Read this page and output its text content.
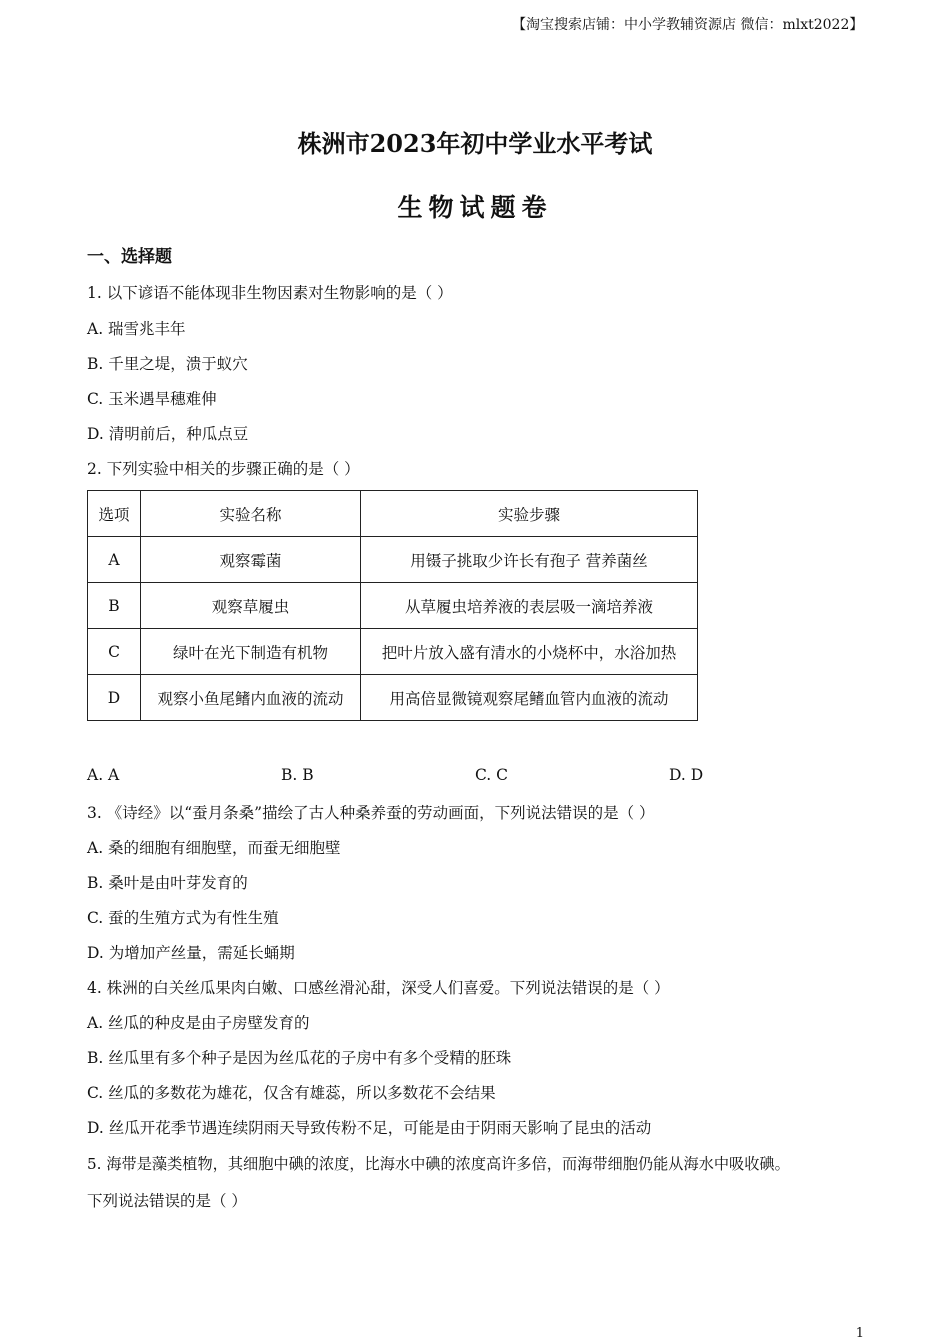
【淘宝搜索店铺：中小学教辅资源店 微信：mlxt2022】
株洲市2023年初中学业水平考试
生物试题卷
一、选择题
1. 以下谚语不能体现非生物因素对生物影响的是（ ）
A. 瑞雪兆丰年
B. 千里之堤，溃于蚁穴
C. 玉米遇旱穗难伸
D. 清明前后，种瓜点豆
2. 下列实验中相关的步骤正确的是（ ）
选项	实验名称	实验步骤
A	观察霉菌	用镊子挑取少许长有孢子 营养菌丝
B	观察草履虫	从草履虫培养液的表层吸一滴培养液
C	绿叶在光下制造有机物	把叶片放入盛有清水的小烧杯中，水浴加热
D	观察小鱼尾鳍内血液的流动	用高倍显微镜观察尾鳍血管内血液的流动
A. A	B. B	C. C	D. D
3. 《诗经》以“蚕月条桑”描绘了古人种桑养蚕的劳动画面，下列说法错误的是（ ）
A. 桑的细胞有细胞壁，而蚕无细胞壁
B. 桑叶是由叶芽发育的
C. 蚕的生殖方式为有性生殖
D. 为增加产丝量，需延长蛹期
4. 株洲的白关丝瓜果肉白嫩、口感丝滑沁甜，深受人们喜爱。下列说法错误的是（ ）
A. 丝瓜的种皮是由子房壁发育的
B. 丝瓜里有多个种子是因为丝瓜花的子房中有多个受精的胚珠
C. 丝瓜的多数花为雄花，仅含有雄蕊，所以多数花不会结果
D. 丝瓜开花季节遇连续阴雨天导致传粉不足，可能是由于阴雨天影响了昆虫的活动
5. 海带是藻类植物，其细胞中碘的浓度，比海水中碘的浓度高许多倍，而海带细胞仍能从海水中吸收碘。
下列说法错误的是（ ）
1
